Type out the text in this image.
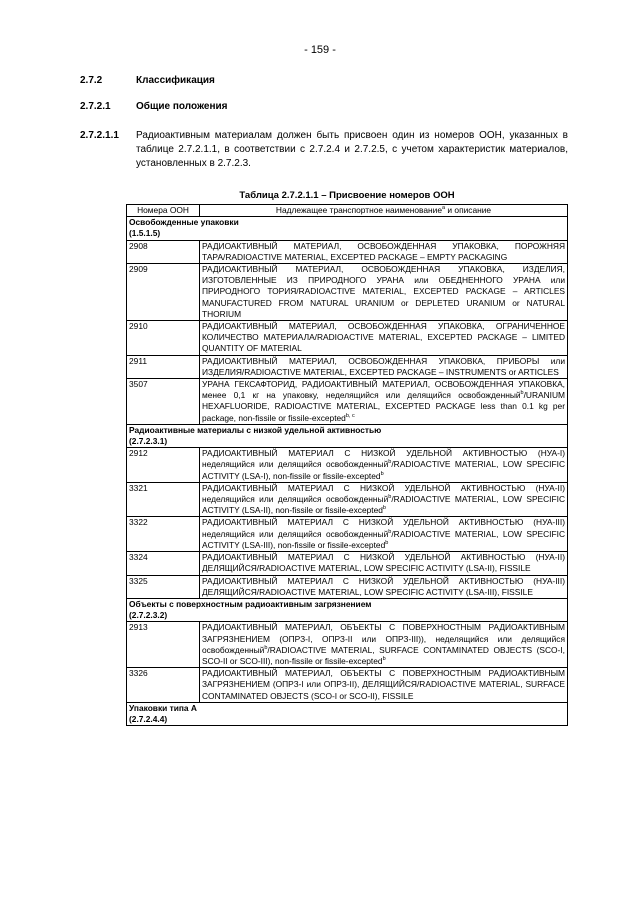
- 159 -
2.7.2	Классификация
2.7.2.1	Общие положения
2.7.2.1.1 Радиоактивным материалам должен быть присвоен один из номеров ООН, указанных в таблице 2.7.2.1.1, в соответствии с 2.7.2.4 и 2.7.2.5, с учетом характеристик материалов, установленных в 2.7.2.3.
Таблица 2.7.2.1.1 – Присвоение номеров ООН
Номера ООН	Надлежащее транспортное наименование$^a$ и описание
Освобожденные упаковки
(1.5.1.5)	
2908	РАДИОАКТИВНЫЙ МАТЕРИАЛ, ОСВОБОЖДЕННАЯ УПАКОВКА, ПОРОЖНЯЯ ТАРА/RADIOACTIVE MATERIAL, EXCEPTED PACKAGE – EMPTY PACKAGING
2909	РАДИОАКТИВНЫЙ МАТЕРИАЛ, ОСВОБОЖДЕННАЯ УПАКОВКА, ИЗДЕЛИЯ, ИЗГОТОВЛЕННЫЕ ИЗ ПРИРОДНОГО УРАНА или ОБЕДНЕННОГО УРАНА или ПРИРОДНОГО ТОРИЯ/RADIOACTIVE MATERIAL, EXCEPTED PACKAGE – ARTICLES MANUFACTURED FROM NATURAL URANIUM or DEPLETED URANIUM or NATURAL THORIUM
2910	РАДИОАКТИВНЫЙ МАТЕРИАЛ, ОСВОБОЖДЕННАЯ УПАКОВКА, ОГРАНИЧЕННОЕ КОЛИЧЕСТВО МАТЕРИАЛА/RADIOACTIVE MATERIAL, EXCEPTED PACKAGE – LIMITED QUANTITY OF MATERIAL
2911	РАДИОАКТИВНЫЙ МАТЕРИАЛ, ОСВОБОЖДЕННАЯ УПАКОВКА, ПРИБОРЫ или ИЗДЕЛИЯ/RADIOACTIVE MATERIAL, EXCEPTED PACKAGE – INSTRUMENTS or ARTICLES
3507	УРАНА ГЕКСАФТОРИД, РАДИОАКТИВНЫЙ МАТЕРИАЛ, ОСВОБОЖДЕННАЯ УПАКОВКА, менее 0,1 кг на упаковку, неделящийся или делящийся освобожденный$^b$/URANIUM HEXAFLUORIDE, RADIOACTIVE MATERIAL, EXCEPTED PACKAGE less than 0.1 kg per package, non-fissile or fissile-excepted$^{b, c}$
Радиоактивные материалы с низкой удельной активностью
(2.7.2.3.1)	
2912	РАДИОАКТИВНЫЙ МАТЕРИАЛ С НИЗКОЙ УДЕЛЬНОЙ АКТИВНОСТЬЮ (НУА-I) неделящийся или делящийся освобожденный$^b$/RADIOACTIVE MATERIAL, LOW SPECIFIC ACTIVITY (LSA-I), non-fissile or fissile-excepted$^b$
3321	РАДИОАКТИВНЫЙ МАТЕРИАЛ С НИЗКОЙ УДЕЛЬНОЙ АКТИВНОСТЬЮ (НУА-II) неделящийся или делящийся освобожденный$^b$/RADIOACTIVE MATERIAL, LOW SPECIFIC ACTIVITY (LSA-II), non-fissile or fissile-excepted$^b$
3322	РАДИОАКТИВНЫЙ МАТЕРИАЛ С НИЗКОЙ УДЕЛЬНОЙ АКТИВНОСТЬЮ (НУА-III) неделящийся или делящийся освобожденный$^b$/RADIOACTIVE MATERIAL, LOW SPECIFIC ACTIVITY (LSA-III), non-fissile or fissile-excepted$^b$
3324	РАДИОАКТИВНЫЙ МАТЕРИАЛ С НИЗКОЙ УДЕЛЬНОЙ АКТИВНОСТЬЮ (НУА-II) ДЕЛЯЩИЙСЯ/RADIOACTIVE MATERIAL, LOW SPECIFIC ACTIVITY (LSA-II), FISSILE
3325	РАДИОАКТИВНЫЙ МАТЕРИАЛ С НИЗКОЙ УДЕЛЬНОЙ АКТИВНОСТЬЮ (НУА-III) ДЕЛЯЩИЙСЯ/RADIOACTIVE MATERIAL, LOW SPECIFIC ACTIVITY (LSA-III), FISSILE
Объекты с поверхностным радиоактивным загрязнением
(2.7.2.3.2)	
2913	РАДИОАКТИВНЫЙ МАТЕРИАЛ, ОБЪЕКТЫ С ПОВЕРХНОСТНЫМ РАДИОАКТИВНЫМ ЗАГРЯЗНЕНИЕМ (ОПРЗ-I, ОПРЗ-II или ОПРЗ-III)), неделящийся или делящийся освобожденный$^b$/RADIOACTIVE MATERIAL, SURFACE CONTAMINATED OBJECTS (SCO-I, SCO-II or SCO-III), non-fissile or fissile-excepted$^b$
3326	РАДИОАКТИВНЫЙ МАТЕРИАЛ, ОБЪЕКТЫ С ПОВЕРХНОСТНЫМ РАДИОАКТИВНЫМ ЗАГРЯЗНЕНИЕМ (ОПРЗ-I или ОПРЗ-II), ДЕЛЯЩИЙСЯ/RADIOACTIVE MATERIAL, SURFACE CONTAMINATED OBJECTS (SCO-I or SCO-II), FISSILE
Упаковки типа A
(2.7.2.4.4)	
